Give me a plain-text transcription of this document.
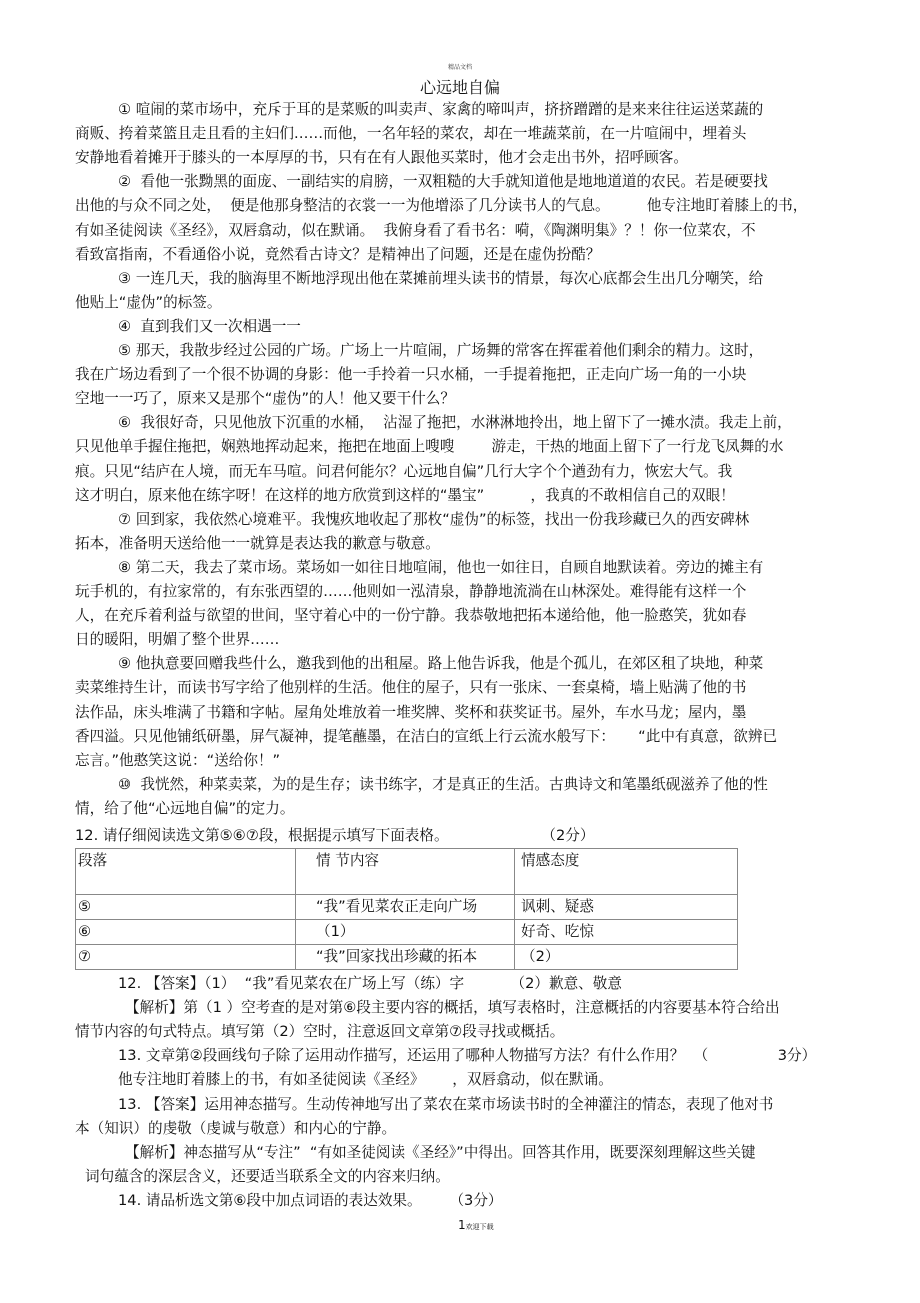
精品文档
心远地自偏
① 喧闹的菜市场中，充斥于耳的是菜贩的叫卖声、家禽的啼叫声，挤挤蹭蹭的是来来往往运送菜蔬的
商贩、挎着菜篮且走且看的主妇们……而他，一名年轻的菜农，却在一堆蔬菜前，在一片喧闹中，埋着头
安静地看着摊开于膝头的一本厚厚的书，只有在有人跟他买菜时，他才会走出书外，招呼顾客。
②  看他一张黝黑的面庞、一副结实的肩膀，一双粗糙的大手就知道他是地地道道的农民。若是硬要找
出他的与众不同之处，  便是他那身整洁的衣裳一一为他增添了几分读书人的气息。        他专注地盯着膝上的书，
有如圣徒阅读《圣经》，双唇翕动，似在默诵。  我俯身看了看书名：嗬，《陶渊明集》？！你一位菜农，不
看致富指南，不看通俗小说，竟然看古诗文？是精神出了问题，还是在虚伪扮酷？
③ 一连几天，我的脑海里不断地浮现出他在菜摊前埋头读书的情景，每次心底都会生出几分嘲笑，给
他贴上“虚伪”的标签。
④  直到我们又一次相遇一一
⑤ 那天，我散步经过公园的广场。广场上一片喧闹，广场舞的常客在挥霍着他们剩余的精力。这时，
我在广场边看到了一个很不协调的身影：他一手拎着一只水桶，一手提着拖把，正走向广场一角的一小块
空地一一巧了，原来又是那个“虚伪”的人！他又要干什么？
⑥  我很好奇，只见他放下沉重的水桶，  沾湿了拖把，水淋淋地拎出，地上留下了一摊水渍。我走上前，
只见他单手握住拖把，娴熟地挥动起来，拖把在地面上嗖嗖        游走，干热的地面上留下了一行龙飞凤舞的水
痕。只见“结庐在人境，而无车马喧。问君何能尔？心远地自偏”几行大字个个遒劲有力，恢宏大气。我
这才明白，原来他在练字呀！在这样的地方欣赏到这样的“墨宝”          ，我真的不敢相信自己的双眼！
⑦ 回到家，我依然心境难平。我愧疚地收起了那枚“虚伪”的标签，找出一份我珍藏已久的西安碑林
拓本，准备明天送给他一一就算是表达我的歉意与敬意。
⑧ 第二天，我去了菜市场。菜场如一如往日地喧闹，他也一如往日，自顾自地默读着。旁边的摊主有
玩手机的，有拉家常的，有东张西望的……他则如一泓清泉，静静地流淌在山林深处。难得能有这样一个
人，在充斥着利益与欲望的世间，坚守着心中的一份宁静。我恭敬地把拓本递给他，他一脸憨笑，犹如春
日的暖阳，明媚了整个世界……
⑨ 他执意要回赠我些什么，邀我到他的出租屋。路上他告诉我，他是个孤儿，在郊区租了块地，种菜
卖菜维持生计，而读书写字给了他别样的生活。他住的屋子，只有一张床、一套桌椅，墙上贴满了他的书
法作品，床头堆满了书籍和字帖。屋角处堆放着一堆奖牌、奖杯和获奖证书。屋外，车水马龙；屋内，墨
香四溢。只见他铺纸研墨，屏气凝神，提笔蘸墨，在洁白的宣纸上行云流水般写下：     “此中有真意，欲辨已
忘言。”他憨笑这说：“送给你！”
⑩  我恍然，种菜卖菜，为的是生存；读书练字，才是真正的生活。古典诗文和笔墨纸砚滋养了他的性
情，给了他“心远地自偏”的定力。
12. 请仔细阅读选文第⑤⑥⑦段，根据提示填写下面表格。                    （2分）
段落	情 节内容	情感态度
⑤	“我”看见菜农正走向广场	讽刺、疑惑
⑥	（1）	好奇、吃惊
⑦	“我”回家找出珍藏的拓本	（2）
12. 【答案】（1）  “我”看见菜农在广场上写（练）字          （2）歉意、敬意
【解析】第（1 ）空考查的是对第⑥段主要内容的概括，填写表格时，注意概括的内容要基本符合给出
情节内容的句式特点。填写第（2）空时，注意返回文章第⑦段寻找或概括。
13. 文章第②段画线句子除了运用动作描写，还运用了哪种人物描写方法？有什么作用？  （               3分）
他专注地盯着膝上的书，有如圣徒阅读《圣经》      ，双唇翕动，似在默诵。
13. 【答案】运用神态描写。生动传神地写出了菜农在菜市场读书时的全神灌注的情态，表现了他对书
本（知识）的虔敬（虔诚与敬意）和内心的宁静。
【解析】神态描写从“专注”  “有如圣徒阅读《圣经》”中得出。回答其作用，既要深刻理解这些关键
词句蕴含的深层含义，还要适当联系全文的内容来归纳。
14. 请品析选文第⑥段中加点词语的表达效果。      （3分）
1欢迎下载
